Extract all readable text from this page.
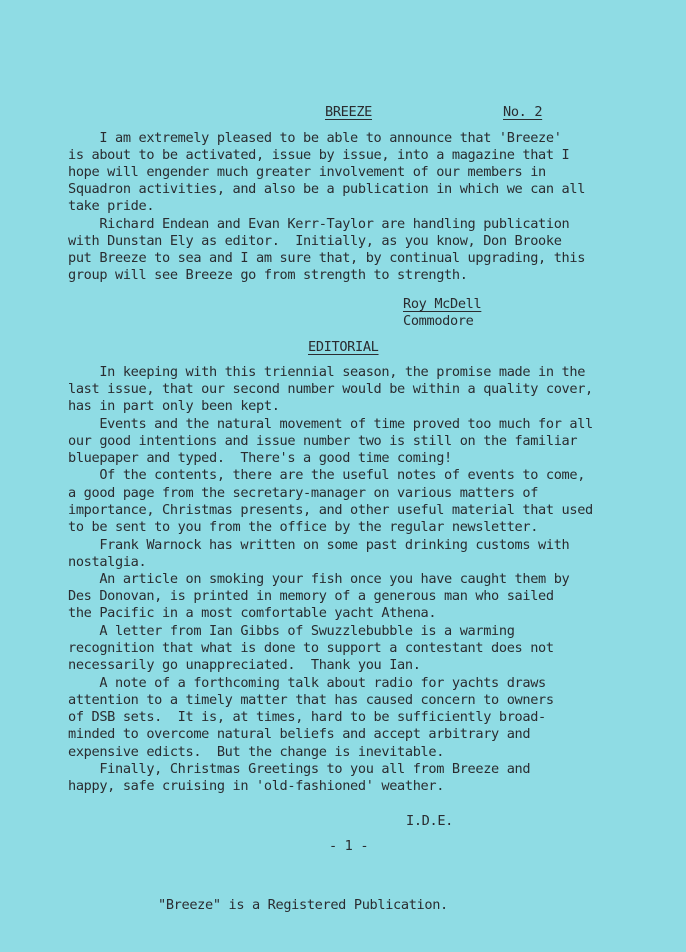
BREEZE	No. 2
I am extremely pleased to be able to announce that 'Breeze'
is about to be activated, issue by issue, into a magazine that I
hope will engender much greater involvement of our members in
Squadron activities, and also be a publication in which we can all
take pride.
Richard Endean and Evan Kerr-Taylor are handling publication
with Dunstan Ely as editor.  Initially, as you know, Don Brooke
put Breeze to sea and I am sure that, by continual upgrading, this
group will see Breeze go from strength to strength.
Roy McDell
Commodore
EDITORIAL
In keeping with this triennial season, the promise made in the
last issue, that our second number would be within a quality cover,
has in part only been kept.
Events and the natural movement of time proved too much for all
our good intentions and issue number two is still on the familiar
bluepaper and typed.  There's a good time coming!
Of the contents, there are the useful notes of events to come,
a good page from the secretary-manager on various matters of
importance, Christmas presents, and other useful material that used
to be sent to you from the office by the regular newsletter.
Frank Warnock has written on some past drinking customs with
nostalgia.
An article on smoking your fish once you have caught them by
Des Donovan, is printed in memory of a generous man who sailed
the Pacific in a most comfortable yacht Athena.
A letter from Ian Gibbs of Swuzzlebubble is a warming
recognition that what is done to support a contestant does not
necessarily go unappreciated.  Thank you Ian.
A note of a forthcoming talk about radio for yachts draws
attention to a timely matter that has caused concern to owners
of DSB sets.  It is, at times, hard to be sufficiently broad-
minded to overcome natural beliefs and accept arbitrary and
expensive edicts.  But the change is inevitable.
Finally, Christmas Greetings to you all from Breeze and
happy, safe cruising in 'old-fashioned' weather.
I.D.E.
- 1 -
"Breeze" is a Registered Publication.
